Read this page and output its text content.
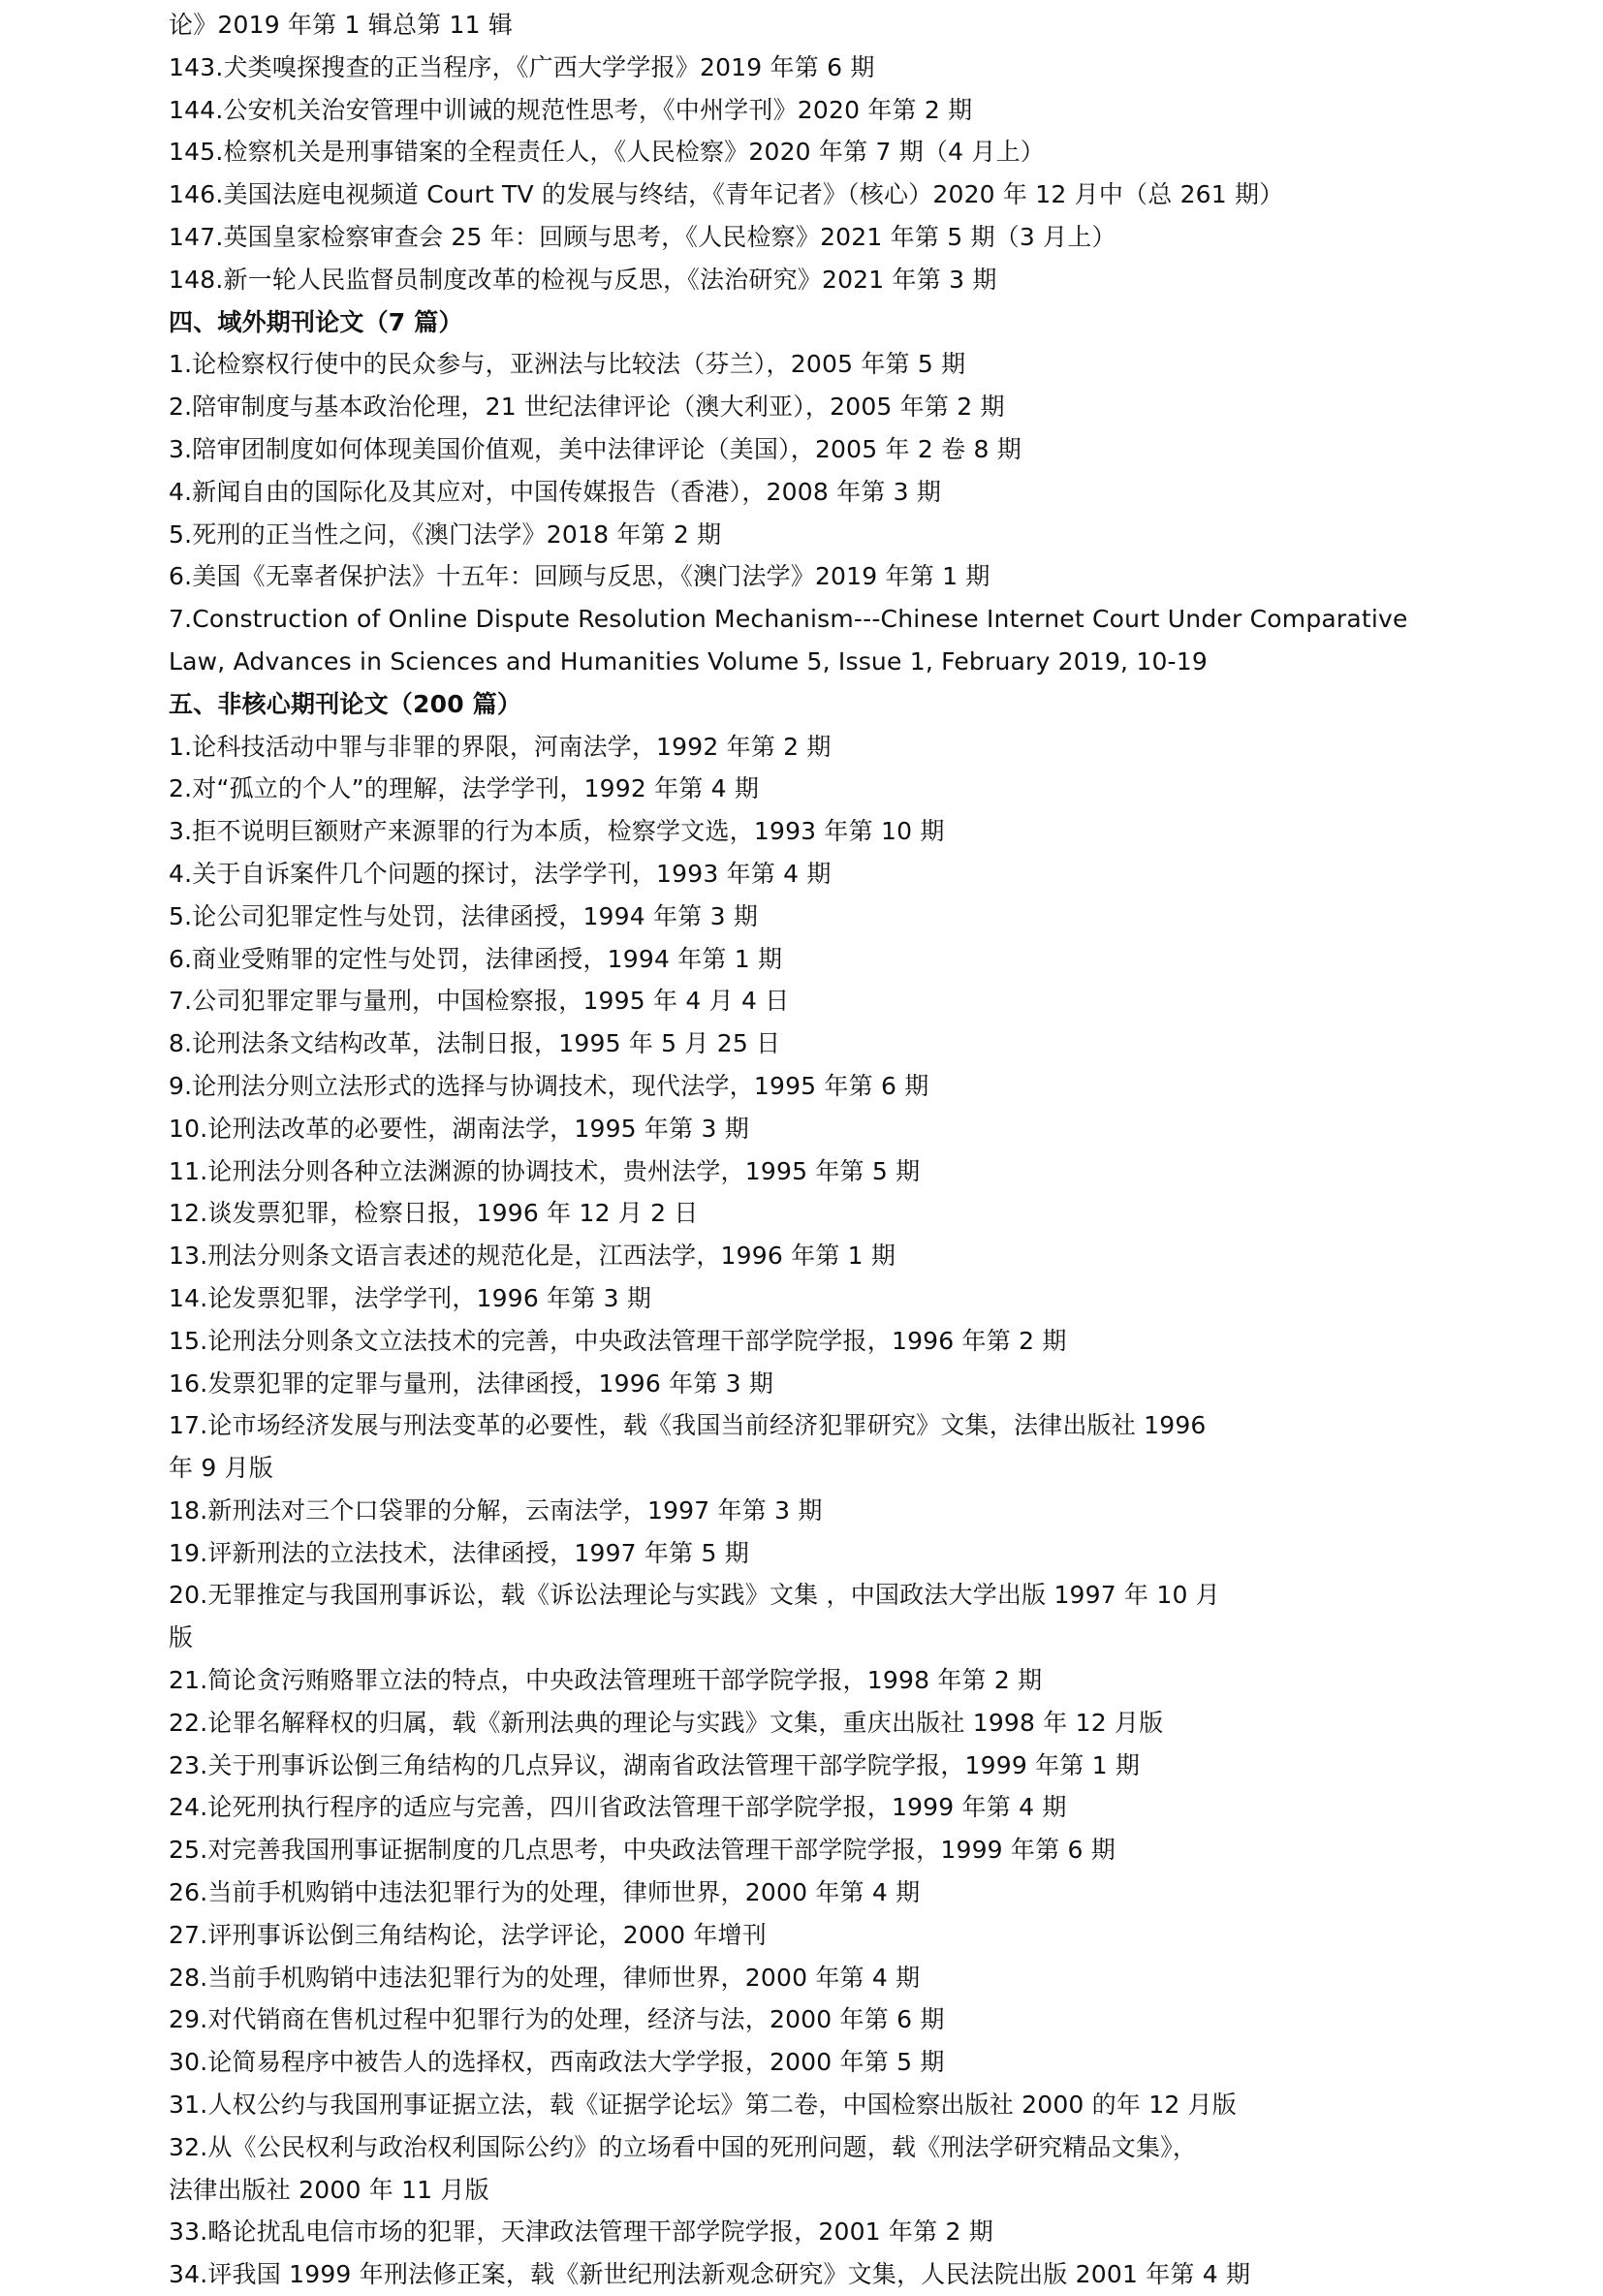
论》2019 年第 1 辑总第 11 辑
143.犬类嗅探搜查的正当程序，《广西大学学报》2019 年第 6 期
144.公安机关治安管理中训诫的规范性思考，《中州学刊》2020 年第 2 期
145.检察机关是刑事错案的全程责任人，《人民检察》2020 年第 7 期（4 月上）
146.美国法庭电视频道 Court TV 的发展与终结，《青年记者》（核心）2020 年 12 月中（总 261 期）
147.英国皇家检察审查会 25 年：回顾与思考，《人民检察》2021 年第 5 期（3 月上）
148.新一轮人民监督员制度改革的检视与反思，《法治研究》2021 年第 3 期
四、域外期刊论文（7 篇）
1.论检察权行使中的民众参与，亚洲法与比较法（芬兰），2005 年第 5 期
2.陪审制度与基本政治伦理，21 世纪法律评论（澳大利亚），2005 年第 2 期
3.陪审团制度如何体现美国价值观，美中法律评论（美国），2005 年 2 卷 8 期
4.新闻自由的国际化及其应对，中国传媒报告（香港），2008 年第 3 期
5.死刑的正当性之问，《澳门法学》2018 年第 2 期
6.美国《无辜者保护法》十五年：回顾与反思，《澳门法学》2019 年第 1 期
7.Construction of Online Dispute Resolution Mechanism---Chinese Internet Court Under Comparative
Law, Advances in Sciences and Humanities Volume 5, Issue 1, February 2019, 10-19
五、非核心期刊论文（200 篇）
1.论科技活动中罪与非罪的界限，河南法学，1992 年第 2 期
2.对“孤立的个人”的理解，法学学刊，1992 年第 4 期
3.拒不说明巨额财产来源罪的行为本质，检察学文选，1993 年第 10 期
4.关于自诉案件几个问题的探讨，法学学刊，1993 年第 4 期
5.论公司犯罪定性与处罚，法律函授，1994 年第 3 期
6.商业受贿罪的定性与处罚，法律函授，1994 年第 1 期
7.公司犯罪定罪与量刑，中国检察报，1995 年 4 月 4 日
8.论刑法条文结构改革，法制日报，1995 年 5 月 25 日
9.论刑法分则立法形式的选择与协调技术，现代法学，1995 年第 6 期
10.论刑法改革的必要性，湖南法学，1995 年第 3 期
11.论刑法分则各种立法渊源的协调技术，贵州法学，1995 年第 5 期
12.谈发票犯罪，检察日报，1996 年 12 月 2 日
13.刑法分则条文语言表述的规范化是，江西法学，1996 年第 1 期
14.论发票犯罪，法学学刊，1996 年第 3 期
15.论刑法分则条文立法技术的完善，中央政法管理干部学院学报，1996 年第 2 期
16.发票犯罪的定罪与量刑，法律函授，1996 年第 3 期
17.论市场经济发展与刑法变革的必要性，载《我国当前经济犯罪研究》文集，法律出版社 1996
年 9 月版
18.新刑法对三个口袋罪的分解，云南法学，1997 年第 3 期
19.评新刑法的立法技术，法律函授，1997 年第 5 期
20.无罪推定与我国刑事诉讼，载《诉讼法理论与实践》文集 ，中国政法大学出版 1997 年 10 月
版
21.简论贪污贿赂罪立法的特点，中央政法管理班干部学院学报，1998 年第 2 期
22.论罪名解释权的归属，载《新刑法典的理论与实践》文集，重庆出版社 1998 年 12 月版
23.关于刑事诉讼倒三角结构的几点异议，湖南省政法管理干部学院学报，1999 年第 1 期
24.论死刑执行程序的适应与完善，四川省政法管理干部学院学报，1999 年第 4 期
25.对完善我国刑事证据制度的几点思考，中央政法管理干部学院学报，1999 年第 6 期
26.当前手机购销中违法犯罪行为的处理，律师世界，2000 年第 4 期
27.评刑事诉讼倒三角结构论，法学评论，2000 年增刊
28.当前手机购销中违法犯罪行为的处理，律师世界，2000 年第 4 期
29.对代销商在售机过程中犯罪行为的处理，经济与法，2000 年第 6 期
30.论简易程序中被告人的选择权，西南政法大学学报，2000 年第 5 期
31.人权公约与我国刑事证据立法，载《证据学论坛》第二卷，中国检察出版社 2000 的年 12 月版
32.从《公民权利与政治权利国际公约》的立场看中国的死刑问题，载《刑法学研究精品文集》，
法律出版社 2000 年 11 月版
33.略论扰乱电信市场的犯罪，天津政法管理干部学院学报，2001 年第 2 期
34.评我国 1999 年刑法修正案，载《新世纪刑法新观念研究》文集，人民法院出版 2001 年第 4 期
